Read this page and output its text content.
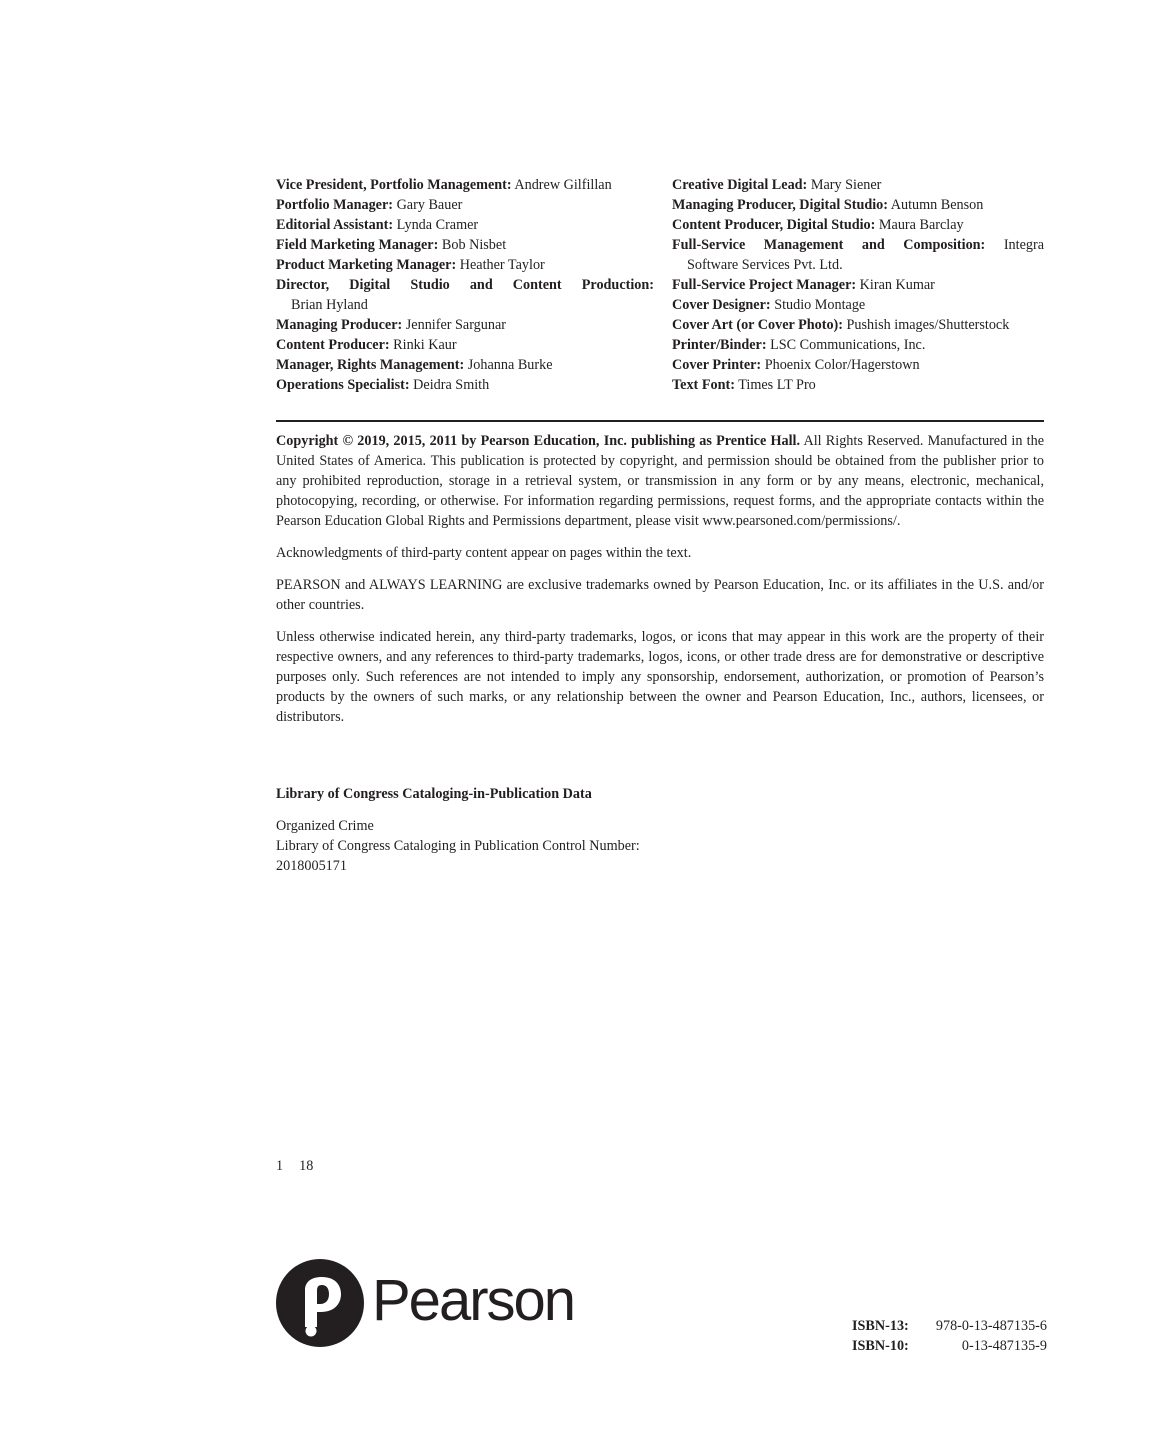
Vice President, Portfolio Management: Andrew Gilfillan
Portfolio Manager: Gary Bauer
Editorial Assistant: Lynda Cramer
Field Marketing Manager: Bob Nisbet
Product Marketing Manager: Heather Taylor
Director, Digital Studio and Content Production:
Brian Hyland
Managing Producer: Jennifer Sargunar
Content Producer: Rinki Kaur
Manager, Rights Management: Johanna Burke
Operations Specialist: Deidra Smith
Creative Digital Lead: Mary Siener
Managing Producer, Digital Studio: Autumn Benson
Content Producer, Digital Studio: Maura Barclay
Full-Service Management and Composition: Integra
Software Services Pvt. Ltd.
Full-Service Project Manager: Kiran Kumar
Cover Designer: Studio Montage
Cover Art (or Cover Photo): Pushish images/Shutterstock
Printer/Binder: LSC Communications, Inc.
Cover Printer: Phoenix Color/Hagerstown
Text Font: Times LT Pro

Copyright © 2019, 2015, 2011 by Pearson Education, Inc. publishing as Prentice Hall. All Rights Reserved. Manufactured in the United States of America. This publication is protected by copyright, and permission should be obtained from the publisher prior to any prohibited reproduction, storage in a retrieval system, or transmission in any form or by any means, electronic, mechanical, photocopying, recording, or otherwise. For information regarding permissions, request forms, and the appropriate contacts within the Pearson Education Global Rights and Permissions department, please visit www.pearsoned.com/permissions/.

Acknowledgments of third-party content appear on pages within the text.

PEARSON and ALWAYS LEARNING are exclusive trademarks owned by Pearson Education, Inc. or its affiliates in the U.S. and/or other countries.

Unless otherwise indicated herein, any third-party trademarks, logos, or icons that may appear in this work are the property of their respective owners, and any references to third-party trademarks, logos, icons, or other trade dress are for demonstrative or descriptive purposes only. Such references are not intended to imply any sponsorship, endorsement, authorization, or promotion of Pearson’s products by the owners of such marks, or any relationship between the owner and Pearson Education, Inc., authors, licensees, or distributors.

Library of Congress Cataloging-in-Publication Data
Organized Crime
Library of Congress Cataloging in Publication Control Number:
2018005171
1 18
Pearson	ISBN-13: 978-0-13-487135-6
ISBN-10:	0-13-487135-9
